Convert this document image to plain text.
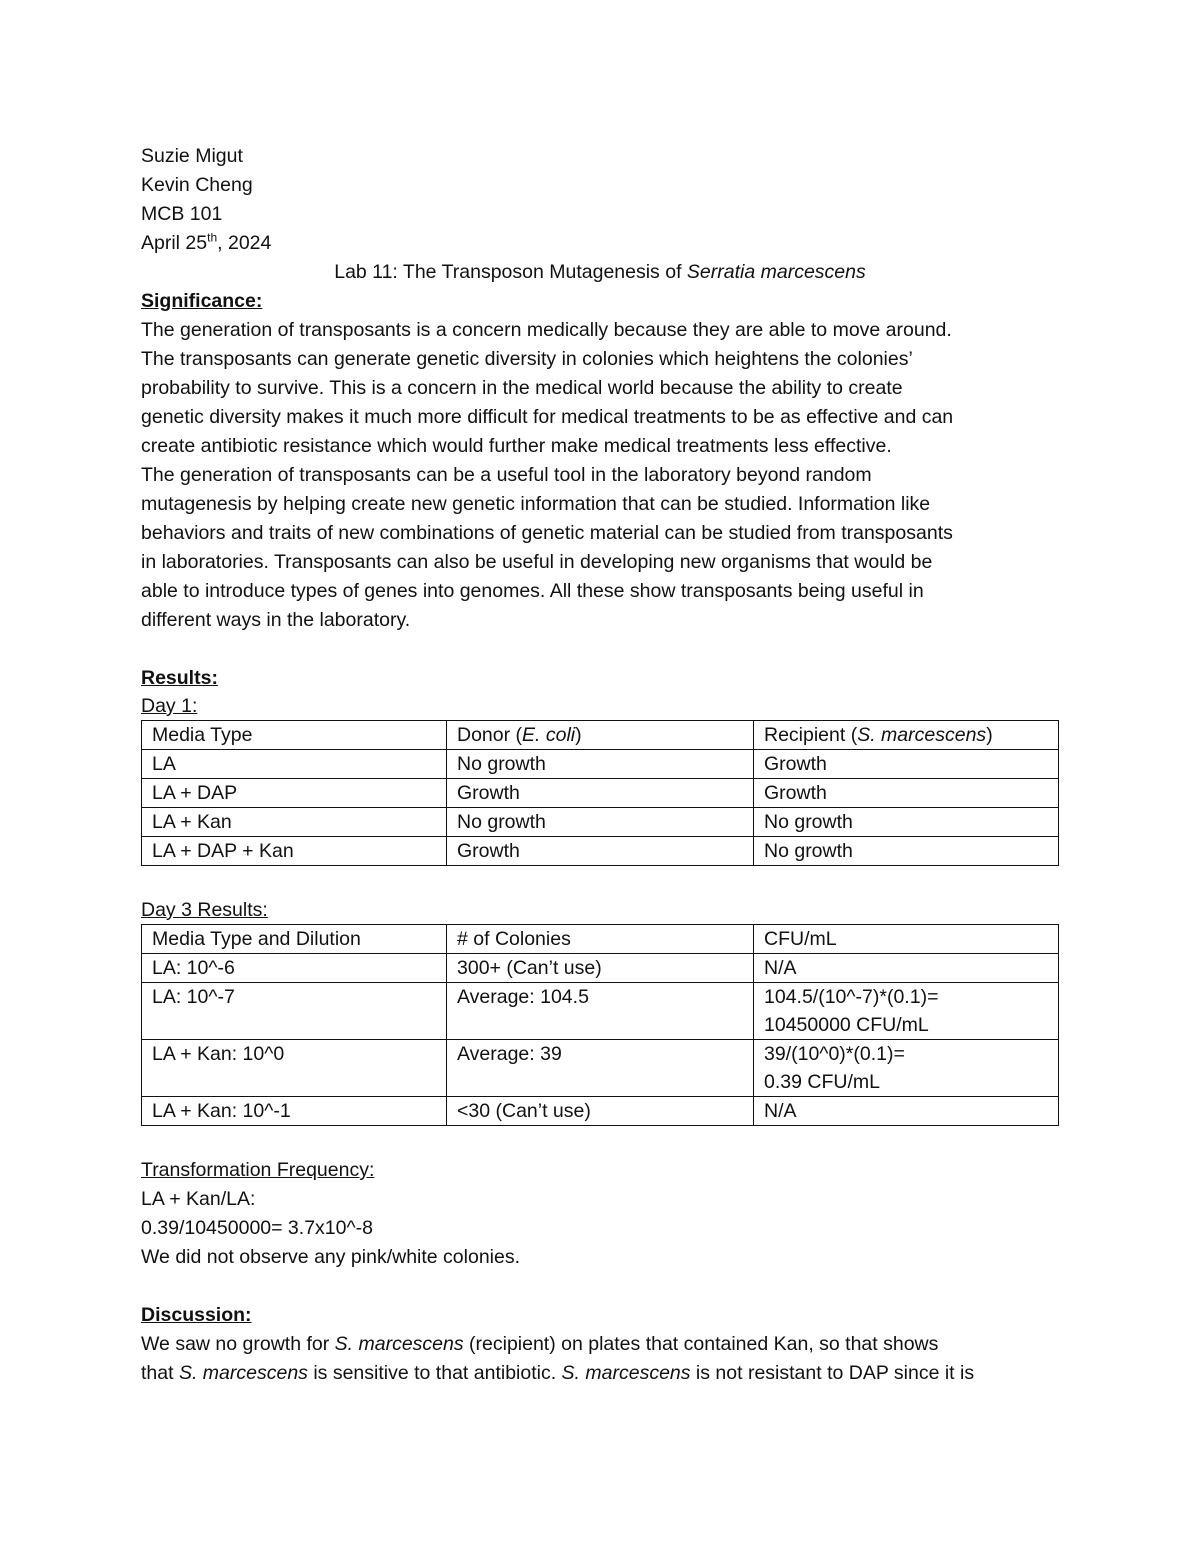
Suzie Migut
Kevin Cheng
MCB 101
April 25th, 2024
Lab 11: The Transposon Mutagenesis of Serratia marcescens
Significance:
The generation of transposants is a concern medically because they are able to move around.
The transposants can generate genetic diversity in colonies which heightens the colonies’
probability to survive. This is a concern in the medical world because the ability to create
genetic diversity makes it much more difficult for medical treatments to be as effective and can
create antibiotic resistance which would further make medical treatments less effective.
The generation of transposants can be a useful tool in the laboratory beyond random
mutagenesis by helping create new genetic information that can be studied. Information like
behaviors and traits of new combinations of genetic material can be studied from transposants
in laboratories. Transposants can also be useful in developing new organisms that would be
able to introduce types of genes into genomes. All these show transposants being useful in
different ways in the laboratory.
Results:
Day 1:
Media Type	Donor (E. coli)	Recipient (S. marcescens)
LA	No growth	Growth
LA + DAP	Growth	Growth
LA + Kan	No growth	No growth
LA + DAP + Kan	Growth	No growth
Day 3 Results:
Media Type and Dilution	# of Colonies	CFU/mL
LA: 10^-6	300+ (Can’t use)	N/A
LA: 10^-7	Average: 104.5	104.5/(10^-7)*(0.1)=
10450000 CFU/mL

LA + Kan: 10^0	Average: 39	39/(10^0)*(0.1)=
0.39 CFU/mL

LA + Kan: 10^-1	<30 (Can’t use)	N/A
Transformation Frequency:
LA + Kan/LA:
0.39/10450000= 3.7x10^-8
We did not observe any pink/white colonies.
Discussion:
We saw no growth for S. marcescens (recipient) on plates that contained Kan, so that shows
that S. marcescens is sensitive to that antibiotic. S. marcescens is not resistant to DAP since it is
